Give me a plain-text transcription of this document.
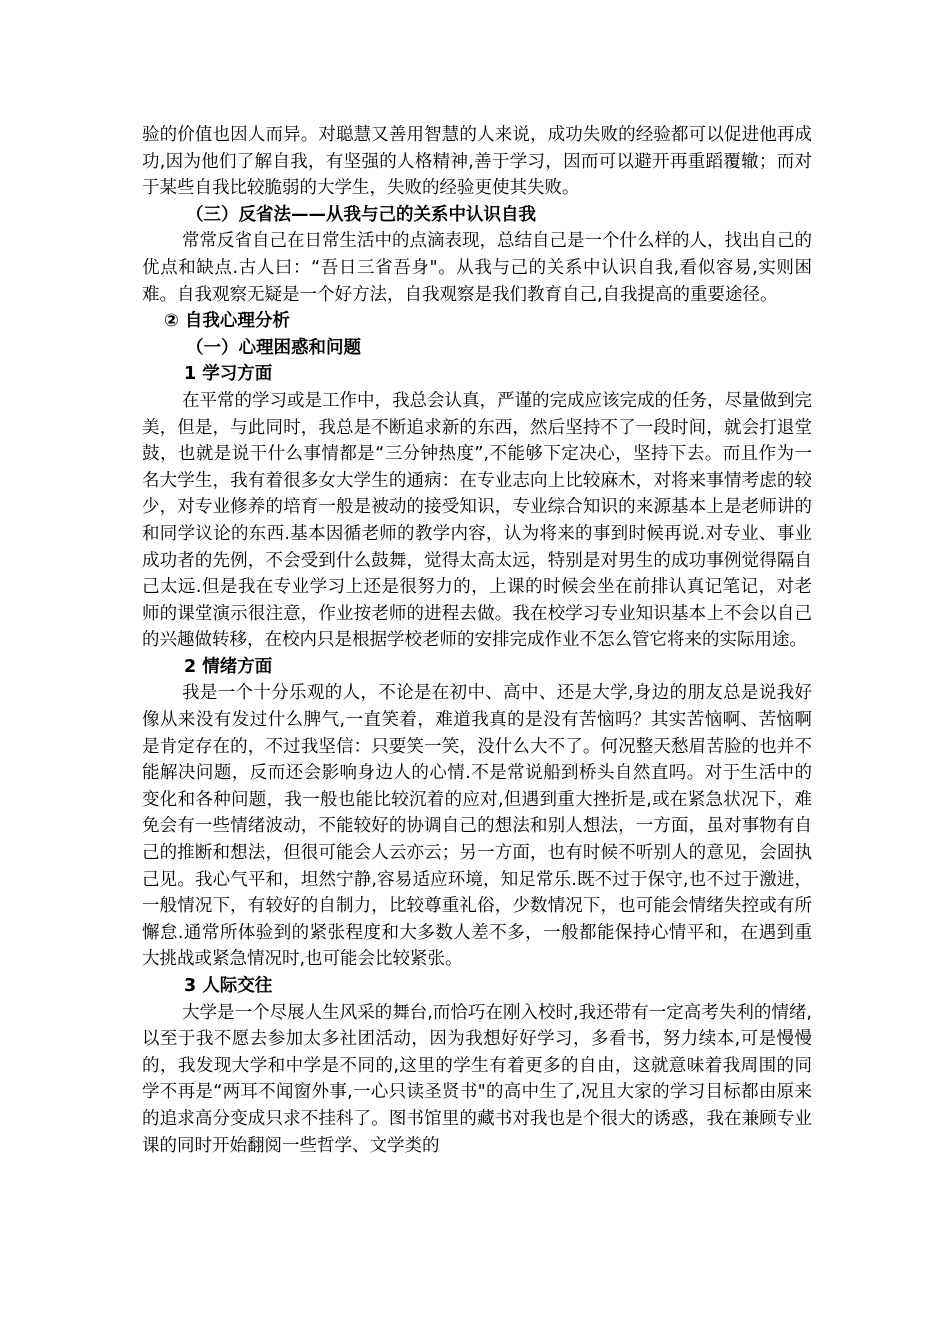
验的价值也因人而异。对聪慧又善用智慧的人来说，成功失败的经验都可以促进他再成功,因为他们了解自我，有坚强的人格精神,善于学习，因而可以避开再重蹈覆辙；而对于某些自我比较脆弱的大学生，失败的经验更使其失败。

（三）反省法——从我与己的关系中认识自我

常常反省自己在日常生活中的点滴表现，总结自己是一个什么样的人，找出自己的优点和缺点.古人曰：“吾日三省吾身"。从我与己的关系中认识自我,看似容易,实则困难。自我观察无疑是一个好方法，自我观察是我们教育自己,自我提高的重要途径。

② 自我心理分析

（一）心理困惑和问题

1 学习方面

在平常的学习或是工作中，我总会认真，严谨的完成应该完成的任务，尽量做到完美，但是，与此同时，我总是不断追求新的东西，然后坚持不了一段时间，就会打退堂鼓，也就是说干什么事情都是“三分钟热度”,不能够下定决心，坚持下去。而且作为一名大学生，我有着很多女大学生的通病：在专业志向上比较麻木，对将来事情考虑的较少，对专业修养的培育一般是被动的接受知识，专业综合知识的来源基本上是老师讲的和同学议论的东西.基本因循老师的教学内容，认为将来的事到时候再说.对专业、事业成功者的先例，不会受到什么鼓舞，觉得太高太远，特别是对男生的成功事例觉得隔自己太远.但是我在专业学习上还是很努力的，上课的时候会坐在前排认真记笔记，对老师的课堂演示很注意，作业按老师的进程去做。我在校学习专业知识基本上不会以自己的兴趣做转移，在校内只是根据学校老师的安排完成作业不怎么管它将来的实际用途。

2 情绪方面

我是一个十分乐观的人，不论是在初中、高中、还是大学,身边的朋友总是说我好像从来没有发过什么脾气,一直笑着，难道我真的是没有苦恼吗？其实苦恼啊、苦恼啊是肯定存在的，不过我坚信：只要笑一笑，没什么大不了。何况整天愁眉苦脸的也并不能解决问题，反而还会影响身边人的心情.不是常说船到桥头自然直吗。对于生活中的变化和各种问题，我一般也能比较沉着的应对,但遇到重大挫折是,或在紧急状况下，难免会有一些情绪波动，不能较好的协调自己的想法和别人想法，一方面，虽对事物有自己的推断和想法，但很可能会人云亦云；另一方面，也有时候不听别人的意见，会固执己见。我心气平和，坦然宁静,容易适应环境，知足常乐.既不过于保守,也不过于激进，一般情况下，有较好的自制力，比较尊重礼俗，少数情况下，也可能会情绪失控或有所懈怠.通常所体验到的紧张程度和大多数人差不多，一般都能保持心情平和，在遇到重大挑战或紧急情况时,也可能会比较紧张。

3 人际交往

大学是一个尽展人生风采的舞台,而恰巧在刚入校时,我还带有一定高考失利的情绪,以至于我不愿去参加太多社团活动，因为我想好好学习，多看书，努力续本,可是慢慢的，我发现大学和中学是不同的,这里的学生有着更多的自由，这就意味着我周围的同学不再是“两耳不闻窗外事,一心只读圣贤书"的高中生了,况且大家的学习目标都由原来的追求高分变成只求不挂科了。图书馆里的藏书对我也是个很大的诱惑，我在兼顾专业课的同时开始翻阅一些哲学、文学类的
